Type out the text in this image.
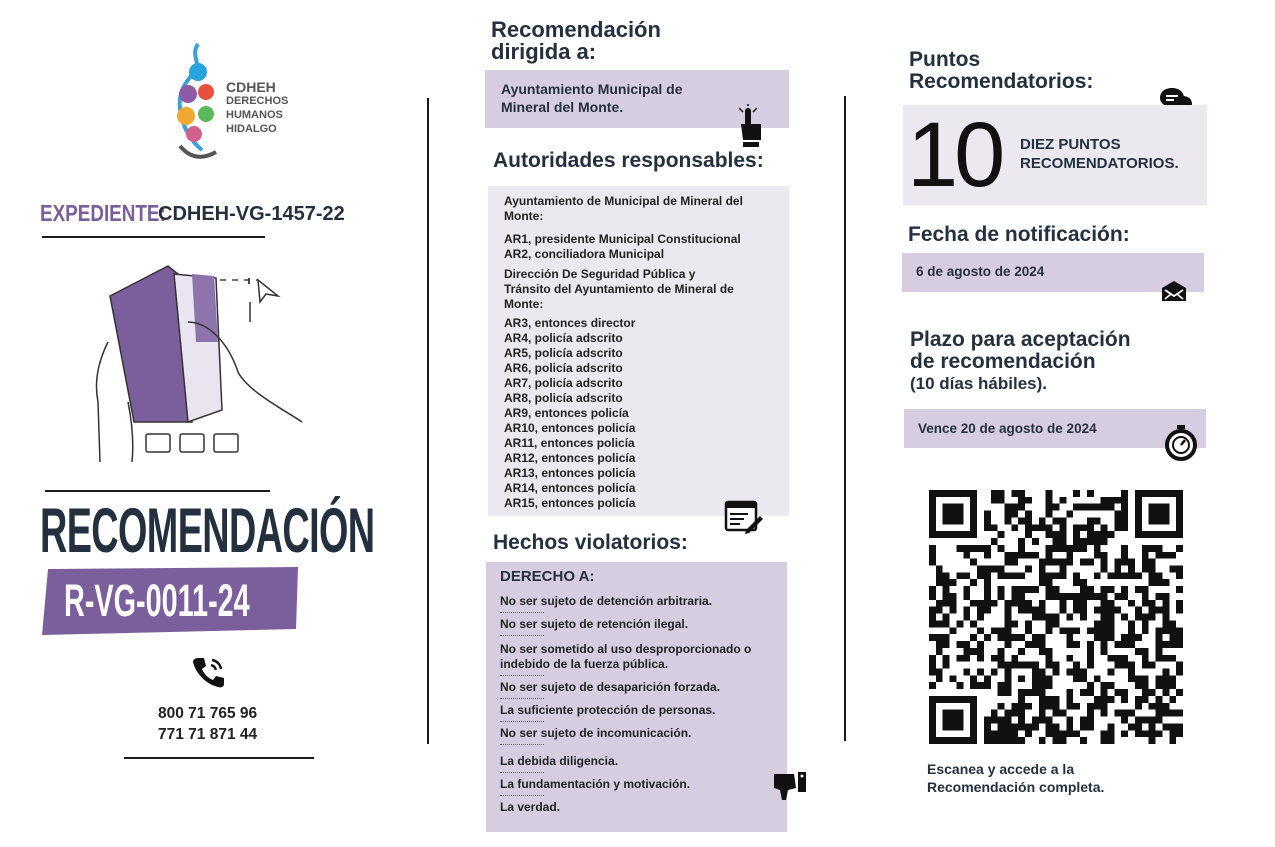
CDHEH
DERECHOS
HUMANOS
HIDALGO
EXPEDIENTE:
CDHEH-VG-1457-22
RECOMENDACIÓN
R-VG-0011-24
800 71 765 96
771 71 871 44
Recomendación
dirigida a:
Ayuntamiento Municipal de Mineral del Monte.
Autoridades responsables:
Ayuntamiento de Municipal de Mineral del Monte:
AR1, presidente Municipal Constitucional
AR2, conciliadora Municipal
Dirección De Seguridad Pública y Tránsito del Ayuntamiento de Mineral de Monte:
AR3, entonces director
AR4, policía adscrito
AR5, policía adscrito
AR6, policía adscrito
AR7, policía adscrito
AR8, policía adscrito
AR9, entonces policía
AR10, entonces policía
AR11, entonces policía
AR12, entonces policía
AR13, entonces policía
AR14, entonces policía
AR15, entonces policía
Hechos violatorios:
DERECHO A:
No ser sujeto de detención arbitraria.
No ser sujeto de retención ilegal.
No ser sometido al uso desproporcionado o indebido de la fuerza pública.
No ser sujeto de desaparición forzada.
La suficiente protección de personas.
No ser sujeto de incomunicación.
La debida diligencia.
La fundamentación y motivación.
La verdad.
Puntos
Recomendatorios:
10 DIEZ PUNTOS
RECOMENDATORIOS.
Fecha de notificación:
6 de agosto de 2024
Plazo para aceptación
de recomendación
(10 días hábiles).
Vence 20 de agosto de 2024
Escanea y accede a la
Recomendación completa.
